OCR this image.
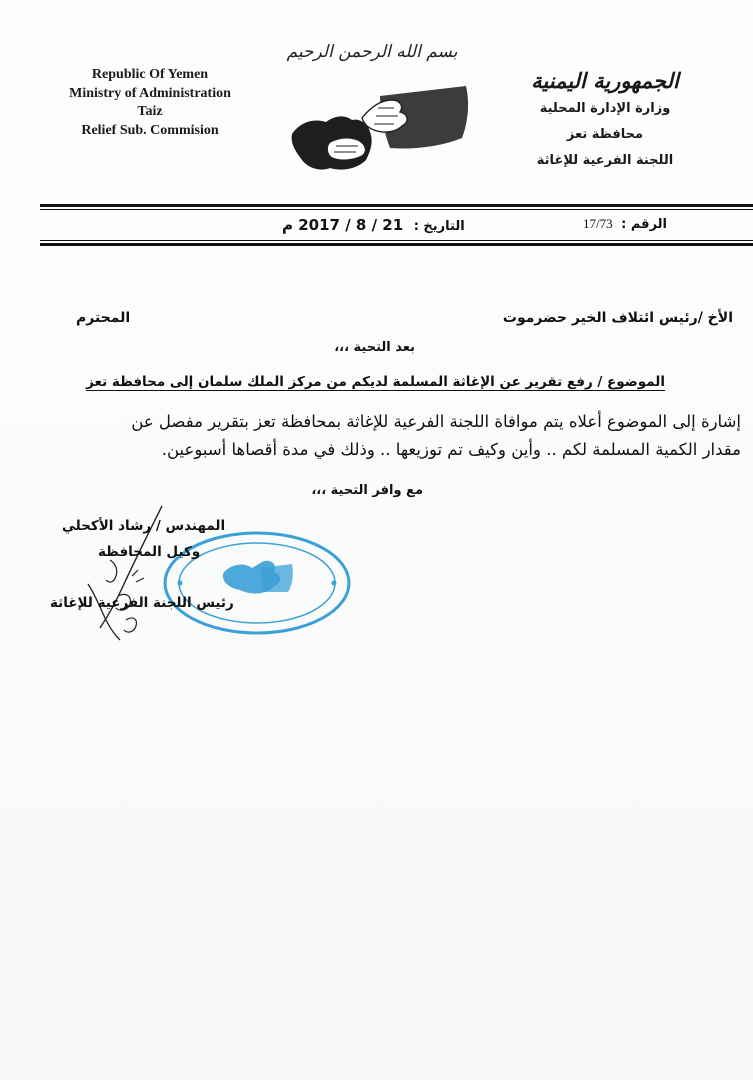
Republic Of Yemen
Ministry of Administration
Taiz
Relief Sub. Commision
بسم الله الرحمن الرحيم
الجمهورية اليمنية
وزارة الإدارة المحلية
محافظة تعز
اللجنة الفرعية للإغاثة
الرقم : 17/73
التاريخ : 21 / 8 / 2017 م
الأخ /رئيس ائتلاف الخير حضرموت
المحترم
بعد التحية ،،،
الموضوع / رفع تقرير عن الإغاثة المسلمة لديكم من مركز الملك سلمان إلى محافظة تعز
إشارة إلى الموضوع أعلاه يتم موافاة اللجنة الفرعية للإغاثة بمحافظة تعز بتقرير مفصل عن
مقدار الكمية المسلمة لكم .. وأين وكيف تم توزيعها .. وذلك في مدة أقصاها أسبوعين.
مع وافر التحية ،،،
المهندس / رشاد الأكحلي
وكيل المحافظة
رئيس اللجنة الفرعية للإغاثة
